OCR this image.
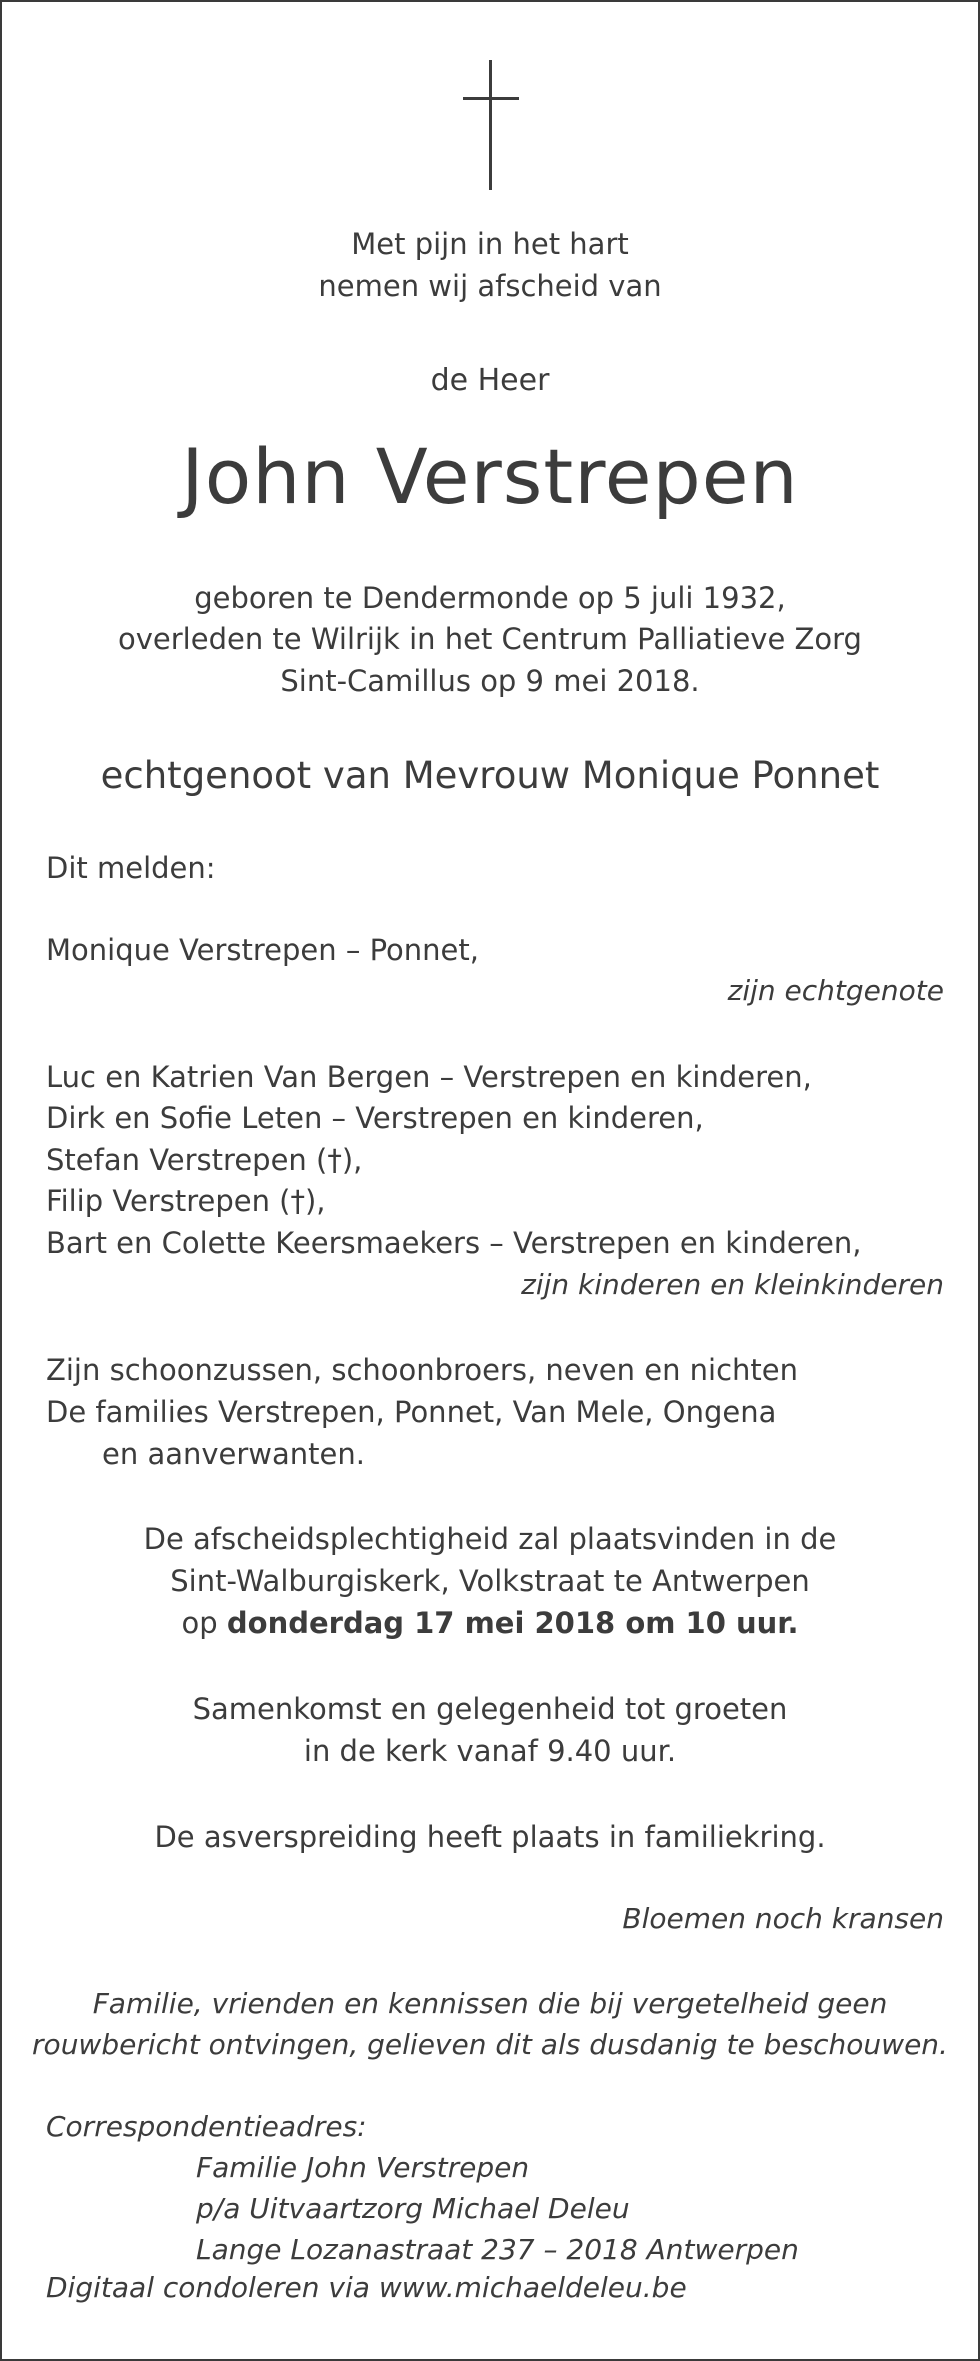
Met pijn in het hart
nemen wij afscheid van
de Heer
John Verstrepen
geboren te Dendermonde op 5 juli 1932,
overleden te Wilrijk in het Centrum Palliatieve Zorg
Sint-Camillus op 9 mei 2018.
echtgenoot van Mevrouw Monique Ponnet
Dit melden:
Monique Verstrepen – Ponnet,
zijn echtgenote
Luc en Katrien Van Bergen – Verstrepen en kinderen,
Dirk en Sofie Leten – Verstrepen en kinderen,
Stefan Verstrepen (†),
Filip Verstrepen (†),
Bart en Colette Keersmaekers – Verstrepen en kinderen,
zijn kinderen en kleinkinderen
Zijn schoonzussen, schoonbroers, neven en nichten
De families Verstrepen, Ponnet, Van Mele, Ongena
en aanverwanten.
De afscheidsplechtigheid zal plaatsvinden in de
Sint-Walburgiskerk, Volkstraat te Antwerpen
op donderdag 17 mei 2018 om 10 uur.
Samenkomst en gelegenheid tot groeten
in de kerk vanaf 9.40 uur.
De asverspreiding heeft plaats in familiekring.
Bloemen noch kransen
Familie, vrienden en kennissen die bij vergetelheid geen
rouwbericht ontvingen, gelieven dit als dusdanig te beschouwen.
Correspondentieadres:
Familie John Verstrepen
p/a Uitvaartzorg Michael Deleu
Lange Lozanastraat 237 – 2018 Antwerpen
Digitaal condoleren via www.michaeldeleu.be
